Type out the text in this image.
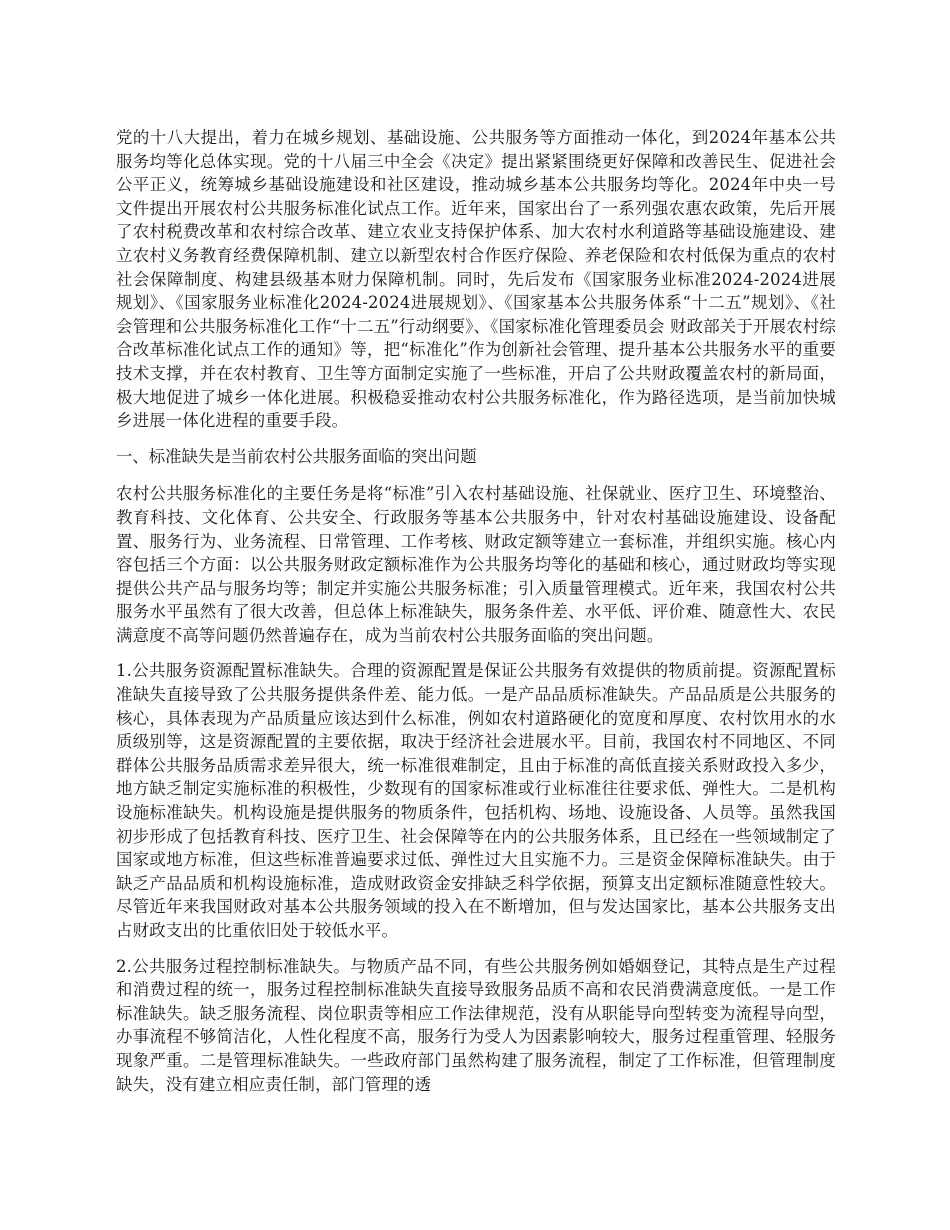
党的十八大提出，着力在城乡规划、基础设施、公共服务等方面推动一体化，到2024年基本公共服务均等化总体实现。党的十八届三中全会《决定》提出紧紧围绕更好保障和改善民生、促进社会公平正义，统筹城乡基础设施建设和社区建设，推动城乡基本公共服务均等化。2024年中央一号文件提出开展农村公共服务标准化试点工作。近年来，国家出台了一系列强农惠农政策，先后开展了农村税费改革和农村综合改革、建立农业支持保护体系、加大农村水利道路等基础设施建设、建立农村义务教育经费保障机制、建立以新型农村合作医疗保险、养老保险和农村低保为重点的农村社会保障制度、构建县级基本财力保障机制。同时，先后发布《国家服务业标准2024-2024进展规划》、《国家服务业标准化2024-2024进展规划》、《国家基本公共服务体系“十二五”规划》、《社会管理和公共服务标准化工作“十二五”行动纲要》、《国家标准化管理委员会 财政部关于开展农村综合改革标准化试点工作的通知》等，把“标准化”作为创新社会管理、提升基本公共服务水平的重要技术支撑，并在农村教育、卫生等方面制定实施了一些标准，开启了公共财政覆盖农村的新局面，极大地促进了城乡一体化进展。积极稳妥推动农村公共服务标准化，作为路径选项，是当前加快城乡进展一体化进程的重要手段。

一、标准缺失是当前农村公共服务面临的突出问题

农村公共服务标准化的主要任务是将“标准”引入农村基础设施、社保就业、医疗卫生、环境整治、教育科技、文化体育、公共安全、行政服务等基本公共服务中，针对农村基础设施建设、设备配置、服务行为、业务流程、日常管理、工作考核、财政定额等建立一套标准，并组织实施。核心内容包括三个方面：以公共服务财政定额标准作为公共服务均等化的基础和核心，通过财政均等实现提供公共产品与服务均等；制定并实施公共服务标准；引入质量管理模式。近年来，我国农村公共服务水平虽然有了很大改善，但总体上标准缺失，服务条件差、水平低、评价难、随意性大、农民满意度不高等问题仍然普遍存在，成为当前农村公共服务面临的突出问题。

1.公共服务资源配置标准缺失。合理的资源配置是保证公共服务有效提供的物质前提。资源配置标准缺失直接导致了公共服务提供条件差、能力低。一是产品品质标准缺失。产品品质是公共服务的核心，具体表现为产品质量应该达到什么标准，例如农村道路硬化的宽度和厚度、农村饮用水的水质级别等，这是资源配置的主要依据，取决于经济社会进展水平。目前，我国农村不同地区、不同群体公共服务品质需求差异很大，统一标准很难制定，且由于标准的高低直接关系财政投入多少，地方缺乏制定实施标准的积极性，少数现有的国家标准或行业标准往往要求低、弹性大。二是机构设施标准缺失。机构设施是提供服务的物质条件，包括机构、场地、设施设备、人员等。虽然我国初步形成了包括教育科技、医疗卫生、社会保障等在内的公共服务体系，且已经在一些领域制定了国家或地方标准，但这些标准普遍要求过低、弹性过大且实施不力。三是资金保障标准缺失。由于缺乏产品品质和机构设施标准，造成财政资金安排缺乏科学依据，预算支出定额标准随意性较大。尽管近年来我国财政对基本公共服务领域的投入在不断增加，但与发达国家比，基本公共服务支出占财政支出的比重依旧处于较低水平。

2.公共服务过程控制标准缺失。与物质产品不同，有些公共服务例如婚姻登记，其特点是生产过程和消费过程的统一，服务过程控制标准缺失直接导致服务品质不高和农民消费满意度低。一是工作标准缺失。缺乏服务流程、岗位职责等相应工作法律规范，没有从职能导向型转变为流程导向型，办事流程不够简洁化，人性化程度不高，服务行为受人为因素影响较大，服务过程重管理、轻服务现象严重。二是管理标准缺失。一些政府部门虽然构建了服务流程，制定了工作标准，但管理制度缺失，没有建立相应责任制，部门管理的透
